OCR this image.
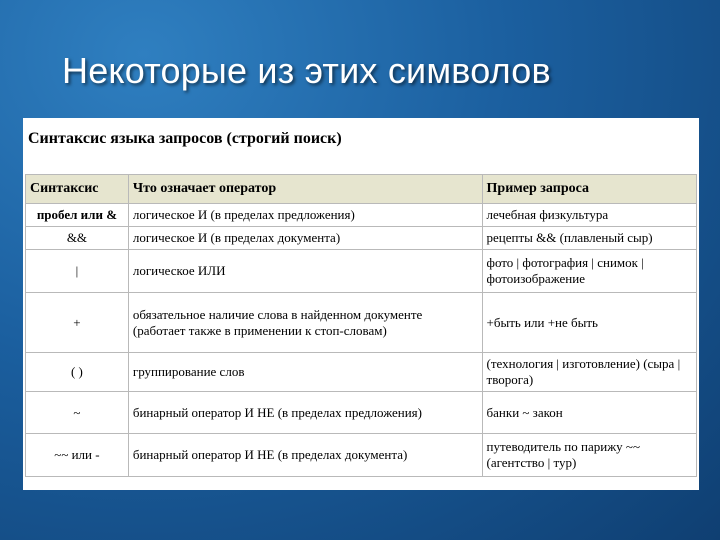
Некоторые из этих символов
Синтаксис языка запросов (строгий поиск)
Синтаксис	Что означает оператор	Пример запроса
пробел или &	логическое И (в пределах предложения)	лечебная физкультура
&&	логическое И (в пределах документа)	рецепты && (плавленый сыр)
|	логическое ИЛИ	фото | фотография | снимок | фотоизображение
+	обязательное наличие слова в найденном документе (работает также в применении к стоп-словам)	+быть или +не быть
( )	группирование слов	(технология | изготовление) (сыра | творога)
~	бинарный оператор И НЕ (в пределах предложения)	банки ~ закон
~~ или -	бинарный оператор И НЕ (в пределах документа)	путеводитель по парижу ~~ (агентство | тур)
